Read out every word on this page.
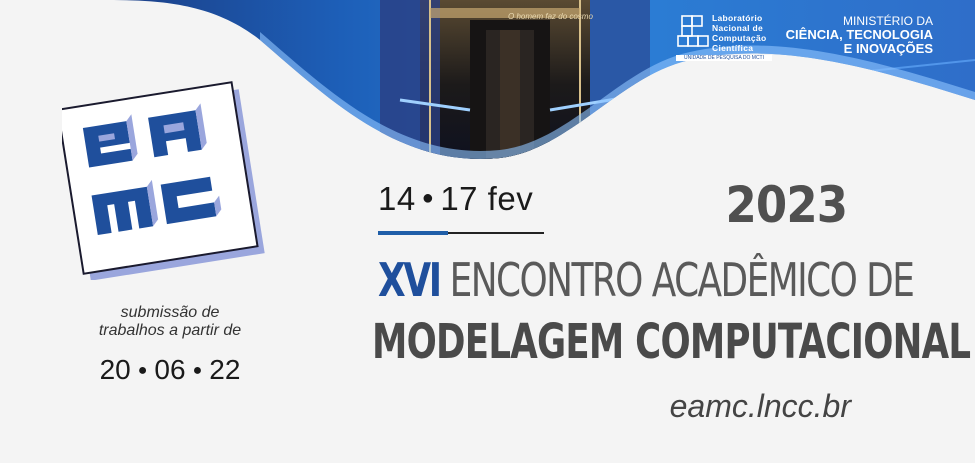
Laboratório
Nacional de
Computação
Científica
UNIDADE DE PESQUISA DO MCTI
O homem faz do cosmo	MINISTÉRIO DA
CIÊNCIA, TECNOLOGIA
E INOVAÇÕES
submissão de
trabalhos a partir de
20 ● 06 ● 22
14 ● 17 fev	2023
XVI ENCONTRO ACADÊMICO DE
MODELAGEM COMPUTACIONAL
eamc.lncc.br
